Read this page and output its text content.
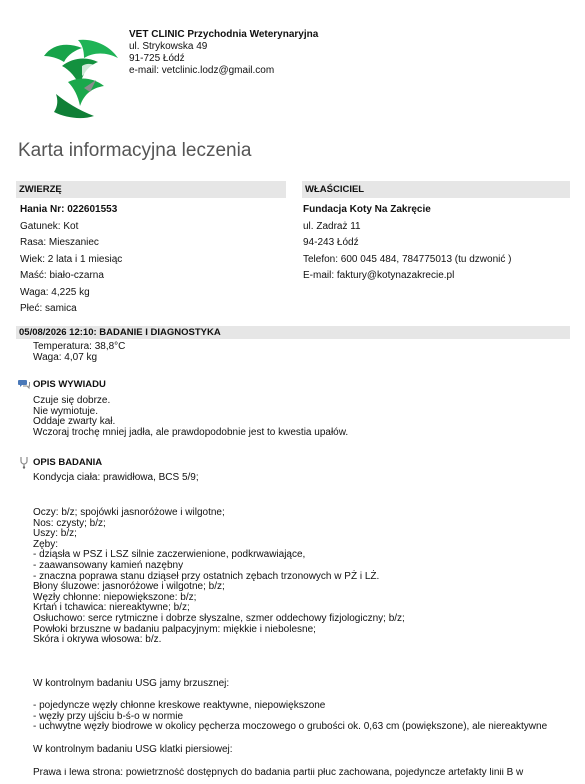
VET CLINIC Przychodnia Weterynaryjna
ul. Strykowska 49
91-725 Łódź
e-mail: vetclinic.lodz@gmail.com
Karta informacyjna leczenia
ZWIERZĘ
Hania Nr: 022601553
Gatunek: Kot
Rasa: Mieszaniec
Wiek: 2 lata i 1 miesiąc
Maść: biało-czarna
Waga: 4,225 kg
Płeć: samica
WŁAŚCICIEL
Fundacja Koty Na Zakręcie
ul. Zadraż 11
94-243 Łódź
Telefon: 600 045 484, 784775013 (tu dzwonić )
E-mail: faktury@kotynazakrecie.pl
05/08/2026 12:10: BADANIE I DIAGNOSTYKA
Temperatura: 38,8°C
Waga: 4,07 kg
OPIS WYWIADU
Czuje się dobrze.
Nie wymiotuje.
Oddaje zwarty kał.
Wczoraj trochę mniej jadła, ale prawdopodobnie jest to kwestia upałów.
OPIS BADANIA
Kondycja ciała: prawidłowa, BCS 5/9;
Oczy: b/z; spojówki jasnoróżowe i wilgotne;
Nos: czysty; b/z;
Uszy: b/z;
Zęby:
- dziąsła w PSZ i LSZ silnie zaczerwienione, podkrwawiające,
- zaawansowany kamień nazębny
- znaczna poprawa stanu dziąseł przy ostatnich zębach trzonowych w PŻ i LŻ.
Błony śluzowe: jasnoróżowe i wilgotne; b/z;
Węzły chłonne: niepowiększone: b/z;
Krtań i tchawica: niereaktywne; b/z;
Osłuchowo: serce rytmiczne i dobrze słyszalne, szmer oddechowy fizjologiczny; b/z;
Powłoki brzuszne w badaniu palpacyjnym: miękkie i niebolesne;
Skóra i okrywa włosowa: b/z.
W kontrolnym badaniu USG jamy brzusznej:
- pojedyncze węzły chłonne kreskowe reaktywne, niepowiększone
- węzły przy ujściu b-ś-o w normie
- uchwytne węzły biodrowe w okolicy pęcherza moczowego o grubości ok. 0,63 cm (powiększone), ale niereaktywne
W kontrolnym badaniu USG klatki piersiowej:
Prawa i lewa strona: powietrzność dostępnych do badania partii płuc zachowana, pojedyncze artefakty linii B w
